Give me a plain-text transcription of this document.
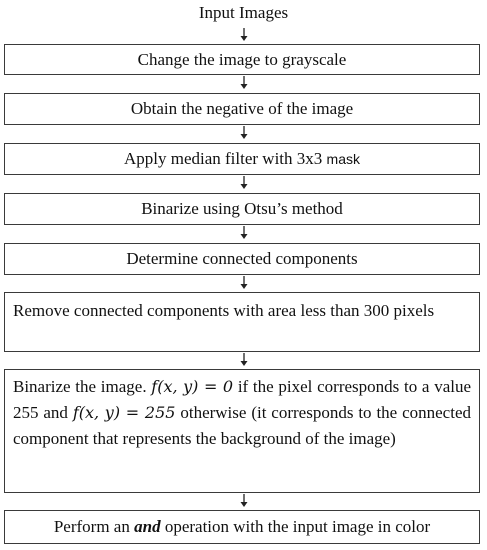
Input Images
Change the image to grayscale
Obtain the negative of the image
Apply median filter with 3x3 mask
Binarize using Otsu’s method
Determine connected components
Remove connected components with area less than 300 pixels
Binarize the image. f(x, y) = 0 if the pixel corresponds to a value 255 and f(x, y) = 255 otherwise (it corresponds to the connected component that represents the background of the image)
Perform an and operation with the input image in color
